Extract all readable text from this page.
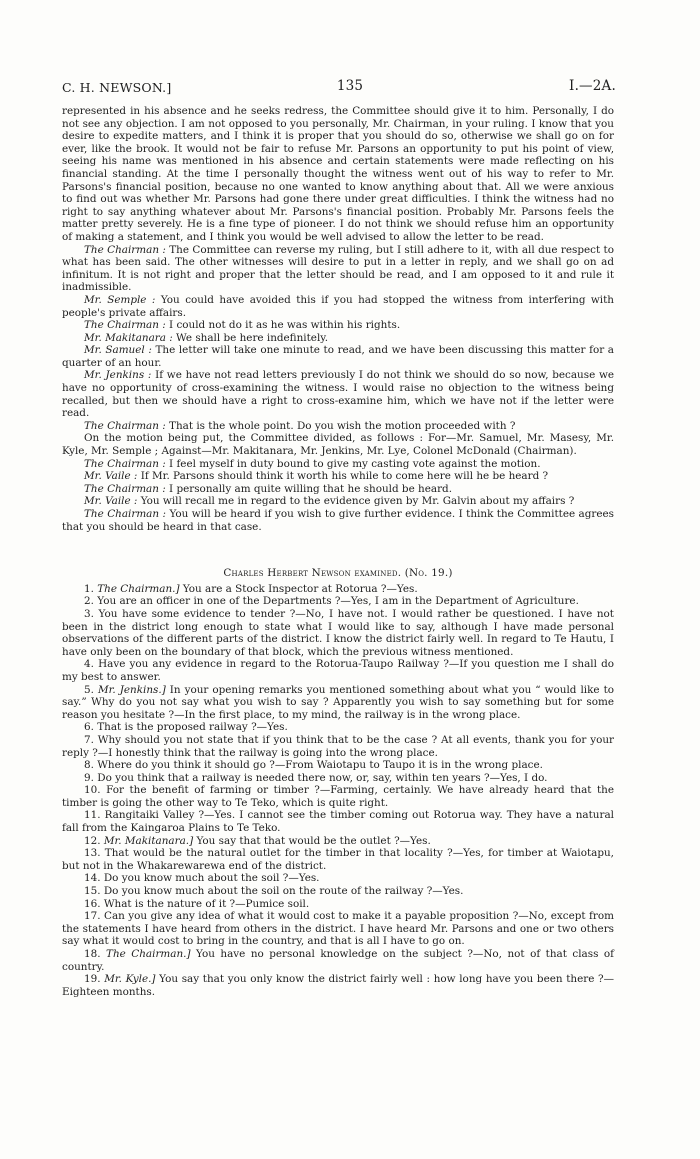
C. H. NEWSON.]	135	I.—2A.

represented in his absence and he seeks redress, the Committee should give it to him. Personally, I do not see any objection. I am not opposed to you personally, Mr. Chairman, in your ruling. I know that you desire to expedite matters, and I think it is proper that you should do so, otherwise we shall go on for ever, like the brook. It would not be fair to refuse Mr. Parsons an opportunity to put his point of view, seeing his name was mentioned in his absence and certain statements were made reflecting on his financial standing. At the time I personally thought the witness went out of his way to refer to Mr. Parsons's financial position, because no one wanted to know anything about that. All we were anxious to find out was whether Mr. Parsons had gone there under great difficulties. I think the witness had no right to say anything whatever about Mr. Parsons's financial position. Probably Mr. Parsons feels the matter pretty severely. He is a fine type of pioneer. I do not think we should refuse him an opportunity of making a statement, and I think you would be well advised to allow the letter to be read.

The Chairman : The Committee can reverse my ruling, but I still adhere to it, with all due respect to what has been said. The other witnesses will desire to put in a letter in reply, and we shall go on ad infinitum. It is not right and proper that the letter should be read, and I am opposed to it and rule it inadmissible.

Mr. Semple : You could have avoided this if you had stopped the witness from interfering with people's private affairs.

The Chairman : I could not do it as he was within his rights.

Mr. Makitanara : We shall be here indefinitely.

Mr. Samuel : The letter will take one minute to read, and we have been discussing this matter for a quarter of an hour.

Mr. Jenkins : If we have not read letters previously I do not think we should do so now, because we have no opportunity of cross-examining the witness. I would raise no objection to the witness being recalled, but then we should have a right to cross-examine him, which we have not if the letter were read.

The Chairman : That is the whole point. Do you wish the motion proceeded with ?

On the motion being put, the Committee divided, as follows : For—Mr. Samuel, Mr. Masesy, Mr. Kyle, Mr. Semple ; Against—Mr. Makitanara, Mr. Jenkins, Mr. Lye, Colonel McDonald (Chairman).

The Chairman : I feel myself in duty bound to give my casting vote against the motion.

Mr. Vaile : If Mr. Parsons should think it worth his while to come here will he be heard ?

The Chairman : I personally am quite willing that he should be heard.

Mr. Vaile : You will recall me in regard to the evidence given by Mr. Galvin about my affairs ?

The Chairman : You will be heard if you wish to give further evidence. I think the Committee agrees that you should be heard in that case.

Charles Herbert Newson examined. (No. 19.)

1. The Chairman.] You are a Stock Inspector at Rotorua ?—Yes.

2. You are an officer in one of the Departments ?—Yes, I am in the Department of Agriculture.

3. You have some evidence to tender ?—No, I have not. I would rather be questioned. I have not been in the district long enough to state what I would like to say, although I have made personal observations of the different parts of the district. I know the district fairly well. In regard to Te Hautu, I have only been on the boundary of that block, which the previous witness mentioned.

4. Have you any evidence in regard to the Rotorua-Taupo Railway ?—If you question me I shall do my best to answer.

5. Mr. Jenkins.] In your opening remarks you mentioned something about what you “ would like to say.” Why do you not say what you wish to say ? Apparently you wish to say something but for some reason you hesitate ?—In the first place, to my mind, the railway is in the wrong place.

6. That is the proposed railway ?—Yes.

7. Why should you not state that if you think that to be the case ? At all events, thank you for your reply ?—I honestly think that the railway is going into the wrong place.

8. Where do you think it should go ?—From Waiotapu to Taupo it is in the wrong place.

9. Do you think that a railway is needed there now, or, say, within ten years ?—Yes, I do.

10. For the benefit of farming or timber ?—Farming, certainly. We have already heard that the timber is going the other way to Te Teko, which is quite right.

11. Rangitaiki Valley ?—Yes. I cannot see the timber coming out Rotorua way. They have a natural fall from the Kaingaroa Plains to Te Teko.

12. Mr. Makitanara.] You say that that would be the outlet ?—Yes.

13. That would be the natural outlet for the timber in that locality ?—Yes, for timber at Waiotapu, but not in the Whakarewarewa end of the district.

14. Do you know much about the soil ?—Yes.

15. Do you know much about the soil on the route of the railway ?—Yes.

16. What is the nature of it ?—Pumice soil.

17. Can you give any idea of what it would cost to make it a payable proposition ?—No, except from the statements I have heard from others in the district. I have heard Mr. Parsons and one or two others say what it would cost to bring in the country, and that is all I have to go on.

18. The Chairman.] You have no personal knowledge on the subject ?—No, not of that class of country.

19. Mr. Kyle.] You say that you only know the district fairly well : how long have you been there ?—Eighteen months.
